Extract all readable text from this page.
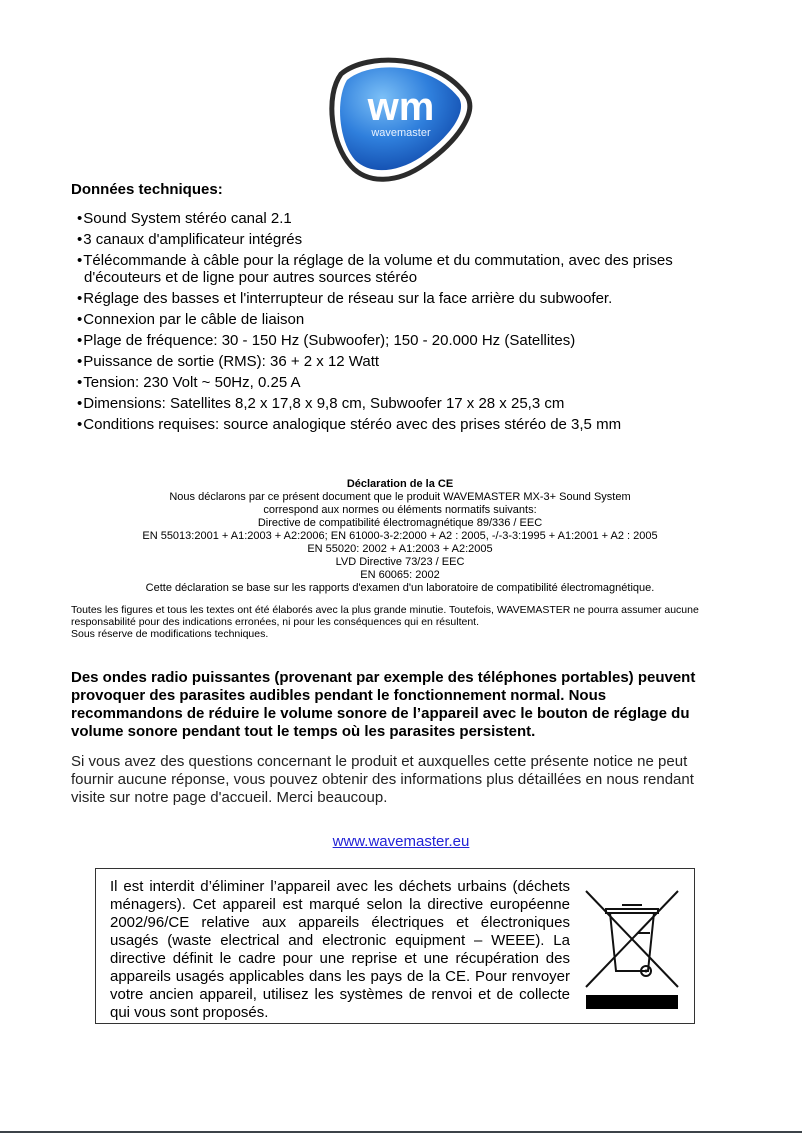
wm
wavemaster
Données techniques:
• Sound System stéréo canal 2.1
• 3 canaux d'amplificateur intégrés
• Télécommande à câble pour la réglage de la volume et du commutation, avec des prises d'écouteurs et de ligne pour autres sources stéréo
• Réglage des basses et l'interrupteur de réseau sur la face arrière du subwoofer.
• Connexion par le câble de liaison
• Plage de fréquence: 30 - 150 Hz (Subwoofer); 150 - 20.000 Hz (Satellites)
• Puissance de sortie (RMS): 36 + 2 x 12 Watt
• Tension: 230 Volt ~ 50Hz, 0.25 A
• Dimensions: Satellites 8,2 x 17,8 x 9,8 cm, Subwoofer 17 x 28 x 25,3 cm
• Conditions requises: source analogique stéréo avec des prises stéréo de 3,5 mm
Déclaration de la CE
Nous déclarons par ce présent document que le produit WAVEMASTER MX-3+ Sound System
correspond aux normes ou éléments normatifs suivants:
Directive de compatibilité électromagnétique 89/336 / EEC
EN 55013:2001 + A1:2003 + A2:2006; EN 61000-3-2:2000 + A2 : 2005, -/-3-3:1995 + A1:2001 + A2 : 2005
EN 55020: 2002 + A1:2003 + A2:2005
LVD Directive 73/23 / EEC
EN 60065: 2002
Cette déclaration se base sur les rapports d'examen d'un laboratoire de compatibilité électromagnétique.
Toutes les figures et tous les textes ont été élaborés avec la plus grande minutie. Toutefois, WAVEMASTER ne pourra assumer aucune responsabilité pour des indications erronées, ni pour les conséquences qui en résultent.
Sous réserve de modifications techniques.
Des ondes radio puissantes (provenant par exemple des téléphones portables) peuvent provoquer des parasites audibles pendant le fonctionnement normal. Nous recommandons de réduire le volume sonore de l’appareil avec le bouton de réglage du volume sonore pendant tout le temps où les parasites persistent.
Si vous avez des questions concernant le produit et auxquelles cette présente notice ne peut fournir aucune réponse, vous pouvez obtenir des informations plus détaillées en nous rendant visite sur notre page d'accueil. Merci beaucoup.
www.wavemaster.eu
Il est interdit d’éliminer l’appareil avec les déchets urbains (déchets ménagers). Cet appareil est marqué selon la directive européenne 2002/96/CE relative aux appareils électriques et électroniques usagés (waste electrical and electronic equipment – WEEE). La directive définit le cadre pour une reprise et une récupération des appareils usagés applicables dans les pays de la CE. Pour renvoyer votre ancien appareil, utilisez les systèmes de renvoi et de collecte qui vous sont proposés.
